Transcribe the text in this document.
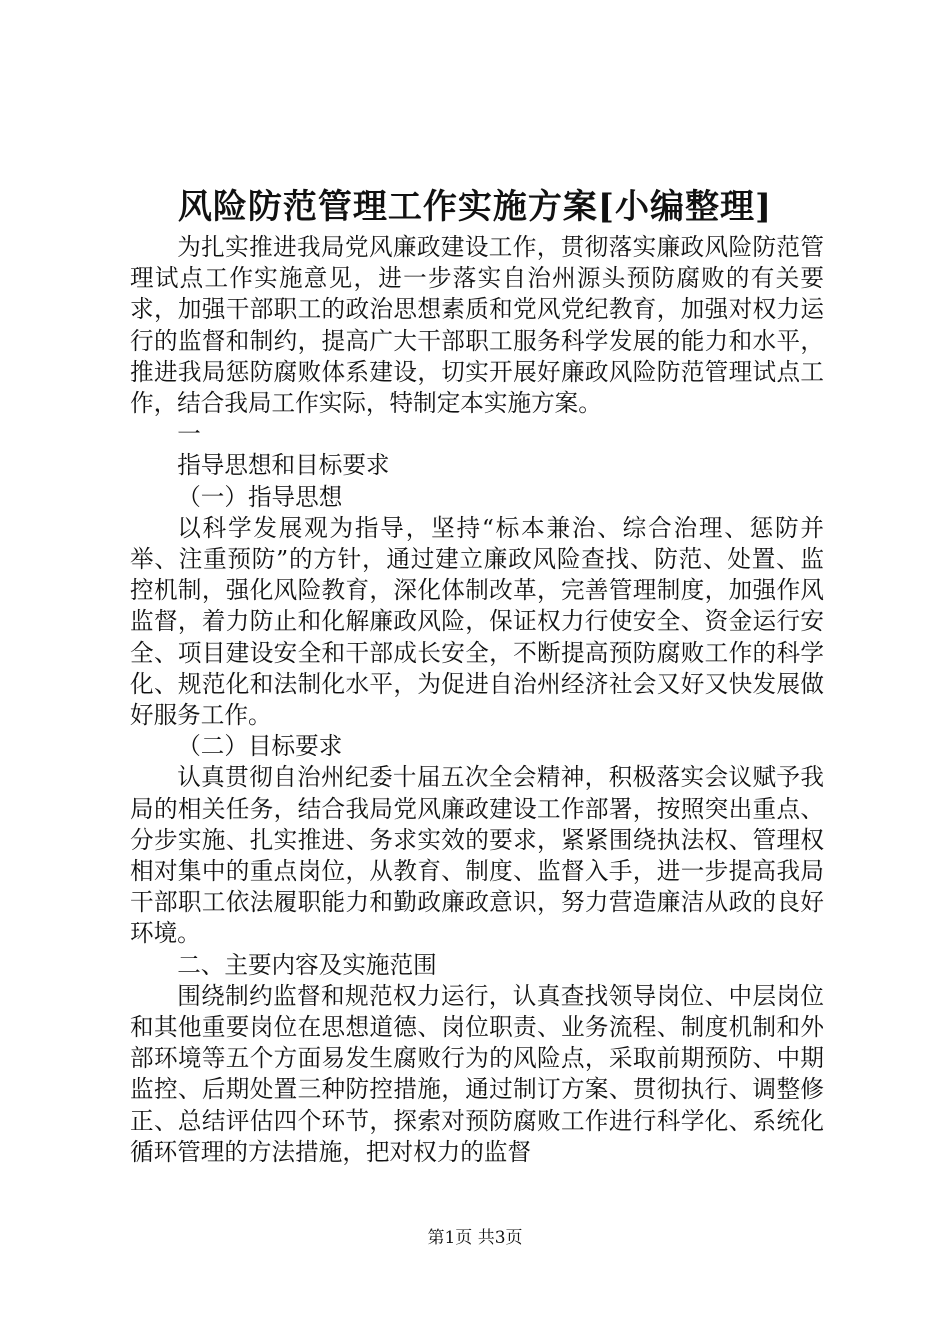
风险防范管理工作实施方案[小编整理]

为扎实推进我局党风廉政建设工作，贯彻落实廉政风险防范管理试点工作实施意见，进一步落实自治州源头预防腐败的有关要求，加强干部职工的政治思想素质和党风党纪教育，加强对权力运行的监督和制约，提高广大干部职工服务科学发展的能力和水平，推进我局惩防腐败体系建设，切实开展好廉政风险防范管理试点工作，结合我局工作实际，特制定本实施方案。

一

指导思想和目标要求

（一）指导思想

以科学发展观为指导，坚持“标本兼治、综合治理、惩防并举、注重预防”的方针，通过建立廉政风险查找、防范、处置、监控机制，强化风险教育，深化体制改革，完善管理制度，加强作风监督，着力防止和化解廉政风险，保证权力行使安全、资金运行安全、项目建设安全和干部成长安全，不断提高预防腐败工作的科学化、规范化和法制化水平，为促进自治州经济社会又好又快发展做好服务工作。

（二）目标要求

认真贯彻自治州纪委十届五次全会精神，积极落实会议赋予我局的相关任务，结合我局党风廉政建设工作部署，按照突出重点、分步实施、扎实推进、务求实效的要求，紧紧围绕执法权、管理权相对集中的重点岗位，从教育、制度、监督入手，进一步提高我局干部职工依法履职能力和勤政廉政意识，努力营造廉洁从政的良好环境。

二、主要内容及实施范围

围绕制约监督和规范权力运行，认真查找领导岗位、中层岗位和其他重要岗位在思想道德、岗位职责、业务流程、制度机制和外部环境等五个方面易发生腐败行为的风险点，采取前期预防、中期监控、后期处置三种防控措施，通过制订方案、贯彻执行、调整修正、总结评估四个环节，探索对预防腐败工作进行科学化、系统化循环管理的方法措施，把对权力的监督

第1页 共3页
